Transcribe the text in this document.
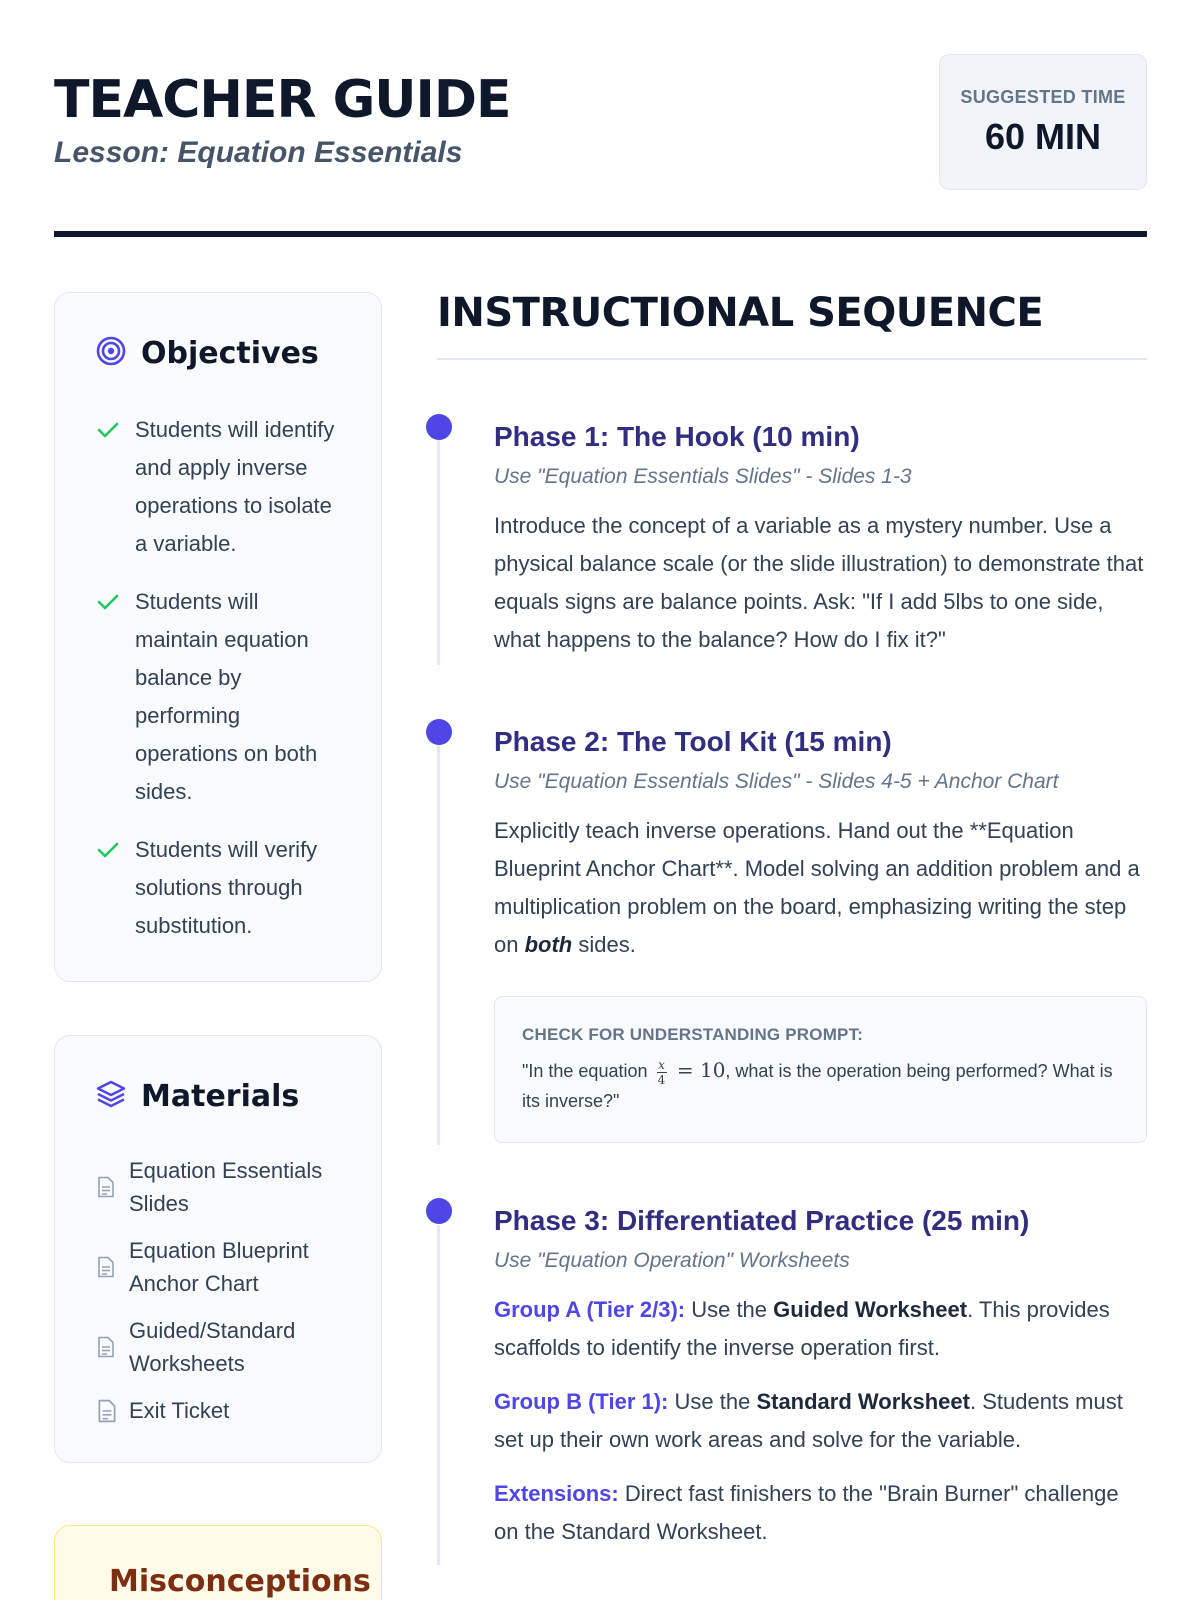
TEACHER GUIDE
Lesson: Equation Essentials
SUGGESTED TIME
60 MIN
Objectives
Students will identify and apply inverse operations to isolate a variable.
Students will maintain equation balance by performing operations on both sides.
Students will verify solutions through substitution.
Materials
Equation Essentials Slides
Equation Blueprint Anchor Chart
Guided/Standard Worksheets
Exit Ticket
Misconceptions
INSTRUCTIONAL SEQUENCE
Phase 1: The Hook (10 min)
Use "Equation Essentials Slides" - Slides 1-3
Introduce the concept of a variable as a mystery number. Use a physical balance scale (or the slide illustration) to demonstrate that equals signs are balance points. Ask: "If I add 5lbs to one side, what happens to the balance? How do I fix it?"
Phase 2: The Tool Kit (15 min)
Use "Equation Essentials Slides" - Slides 4-5 + Anchor Chart
Explicitly teach inverse operations. Hand out the **Equation Blueprint Anchor Chart**. Model solving an addition problem and a multiplication problem on the board, emphasizing writing the step on both sides.
CHECK FOR UNDERSTANDING PROMPT:
"In the equation $\frac{x}{4} = 10$, what is the operation being performed? What is its inverse?"
Phase 3: Differentiated Practice (25 min)
Use "Equation Operation" Worksheets
Group A (Tier 2/3): Use the Guided Worksheet. This provides scaffolds to identify the inverse operation first.
Group B (Tier 1): Use the Standard Worksheet. Students must set up their own work areas and solve for the variable.
Extensions: Direct fast finishers to the "Brain Burner" challenge on the Standard Worksheet.
